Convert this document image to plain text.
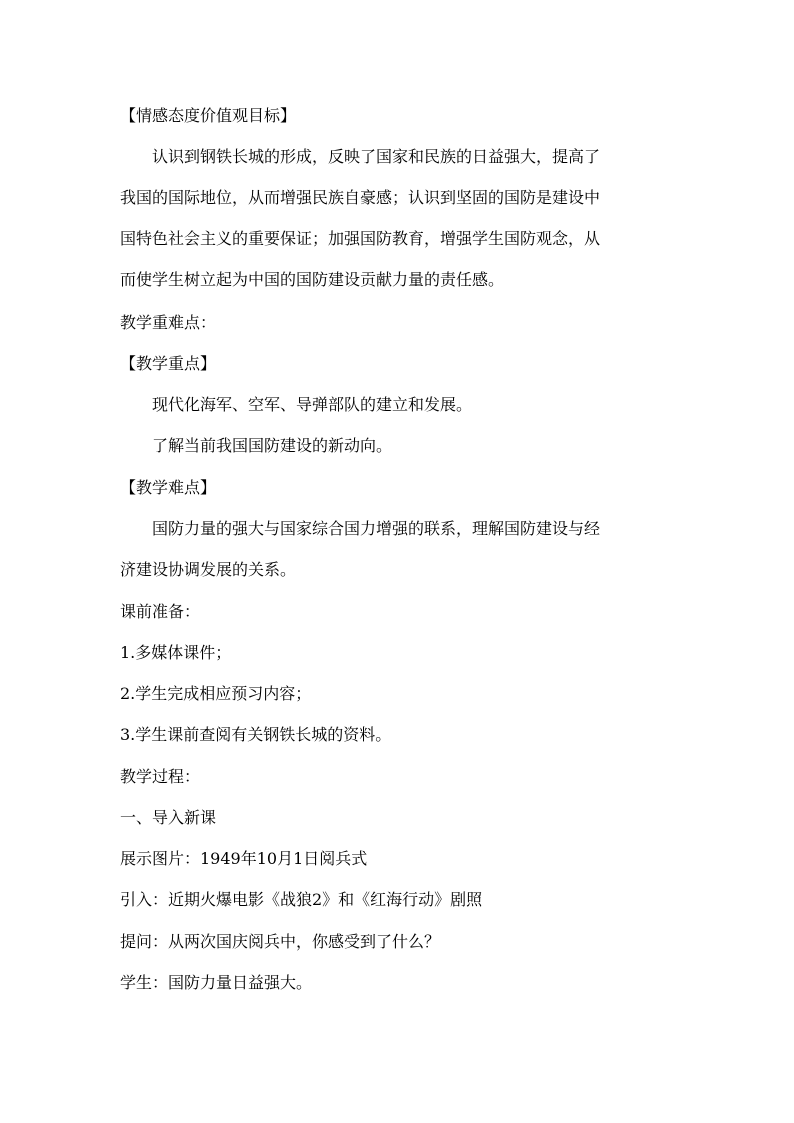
【情感态度价值观目标】
认识到钢铁长城的形成，反映了国家和民族的日益强大，提高了
我国的国际地位，从而增强民族自豪感；认识到坚固的国防是建设中
国特色社会主义的重要保证；加强国防教育，增强学生国防观念，从
而使学生树立起为中国的国防建设贡献力量的责任感。
教学重难点：
【教学重点】
现代化海军、空军、导弹部队的建立和发展。
了解当前我国国防建设的新动向。
【教学难点】
国防力量的强大与国家综合国力增强的联系，理解国防建设与经
济建设协调发展的关系。
课前准备：
1.多媒体课件；
2.学生完成相应预习内容；
3.学生课前查阅有关钢铁长城的资料。
教学过程：
一、导入新课
展示图片：1949年10月1日阅兵式
引入：近期火爆电影《战狼2》和《红海行动》剧照
提问：从两次国庆阅兵中，你感受到了什么？
学生：国防力量日益强大。
